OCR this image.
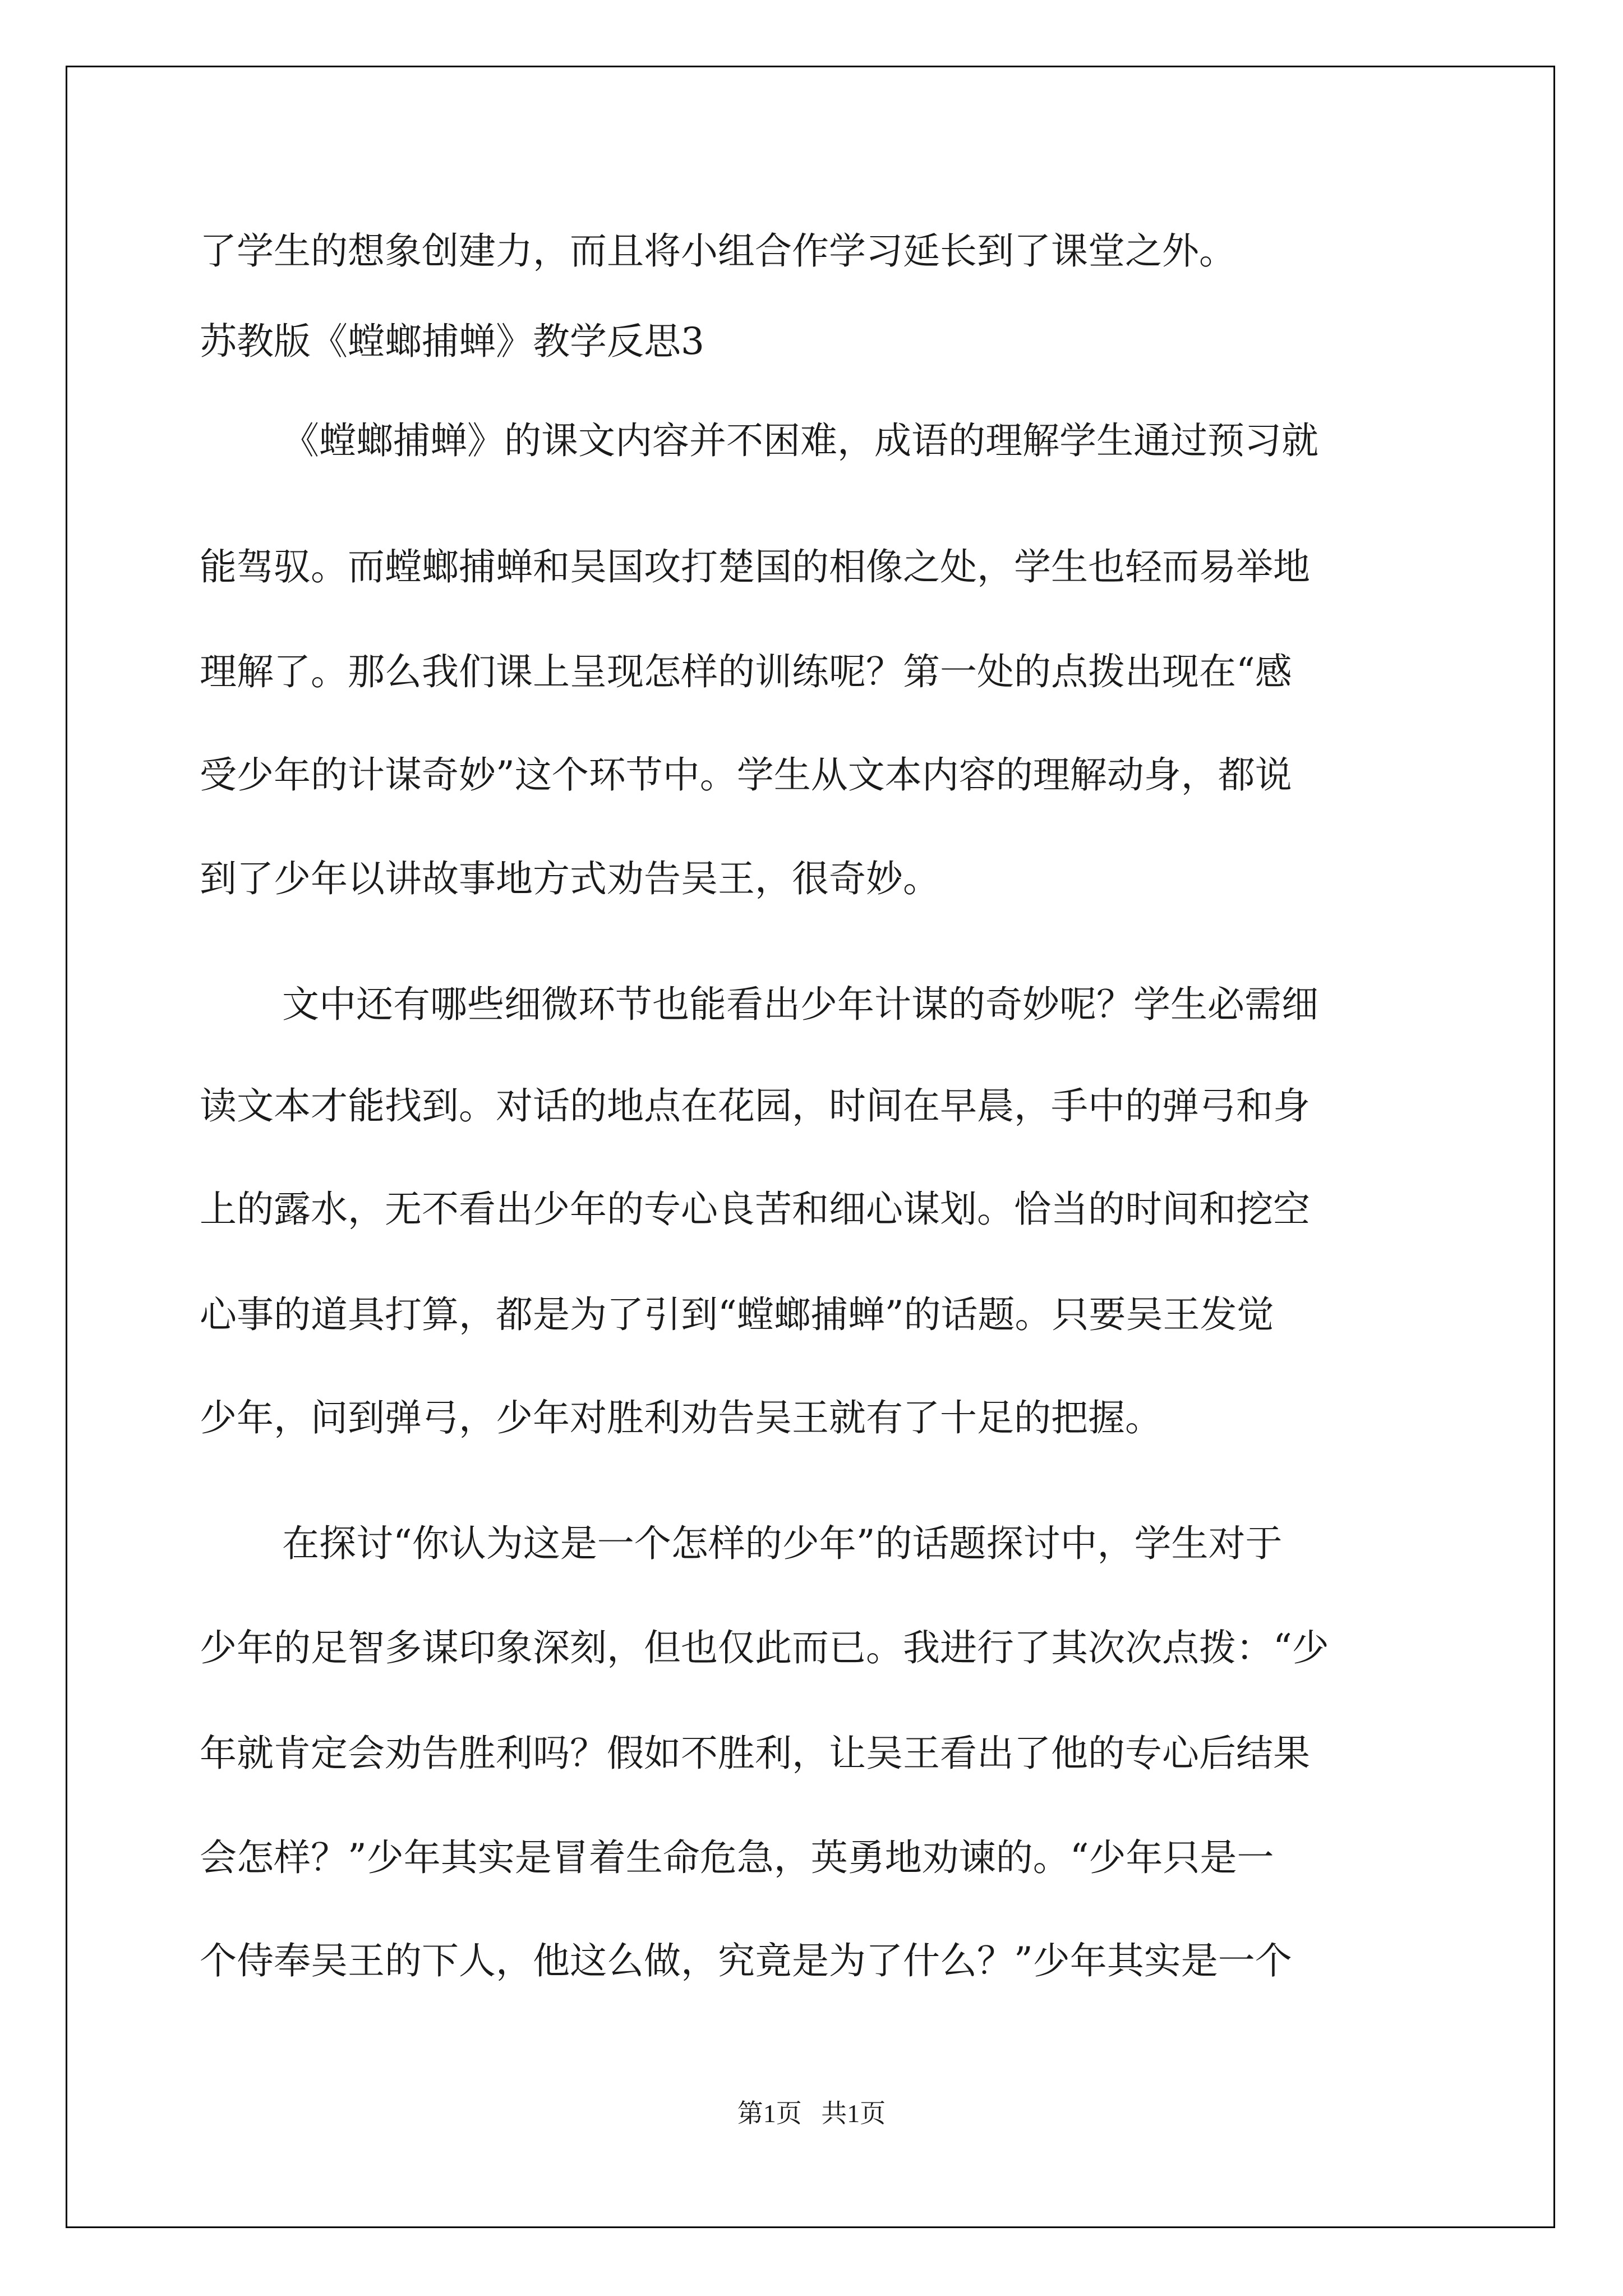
了学生的想象创建力，而且将小组合作学习延长到了课堂之外。

苏教版《螳螂捕蝉》教学反思3

《螳螂捕蝉》的课文内容并不困难，成语的理解学生通过预习就

能驾驭。而螳螂捕蝉和吴国攻打楚国的相像之处，学生也轻而易举地

理解了。那么我们课上呈现怎样的训练呢？第一处的点拨出现在“感

受少年的计谋奇妙”这个环节中。学生从文本内容的理解动身，都说

到了少年以讲故事地方式劝告吴王，很奇妙。

文中还有哪些细微环节也能看出少年计谋的奇妙呢？学生必需细

读文本才能找到。对话的地点在花园，时间在早晨，手中的弹弓和身

上的露水，无不看出少年的专心良苦和细心谋划。恰当的时间和挖空

心事的道具打算，都是为了引到“螳螂捕蝉”的话题。只要吴王发觉

少年，问到弹弓，少年对胜利劝告吴王就有了十足的把握。

在探讨“你认为这是一个怎样的少年”的话题探讨中，学生对于

少年的足智多谋印象深刻，但也仅此而已。我进行了其次次点拨：“少

年就肯定会劝告胜利吗？假如不胜利，让吴王看出了他的专心后结果

会怎样？”少年其实是冒着生命危急，英勇地劝谏的。“少年只是一

个侍奉吴王的下人，他这么做，究竟是为了什么？”少年其实是一个

第1页   共1页
